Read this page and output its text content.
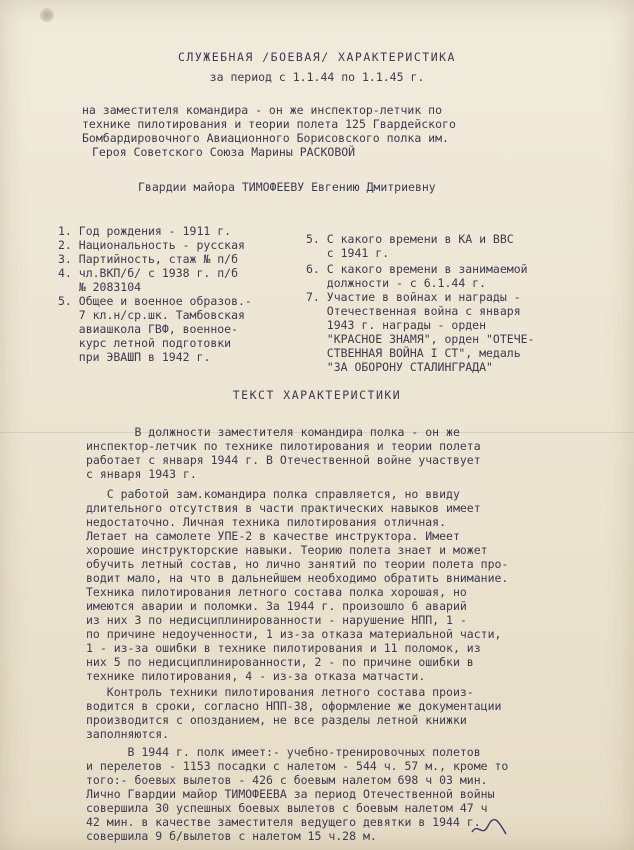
СЛУЖЕБНАЯ /БОЕВАЯ/ ХАРАКТЕРИСТИКА
за период с 1.1.44 по 1.1.45 г.
на заместителя командира - он же инспектор-летчик по
технике пилотирования и теории полета 125 Гвардейского
Бомбардировочного Авиационного Борисовского полка им.
Героя Советского Союза Марины РАСКОВОЙ
Гвардии майора ТИМОФЕЕВУ Евгению Дмитриевну
1. Год рождения - 1911 г.
2. Национальность - русская
3. Партийность, стаж № п/б
4. чл.ВКП/б/ с 1938 г. п/б
№ 2083104
5. Общее и военное образов.-
7 кл.н/ср.шк. Тамбовская
авиашкола ГВФ, военное-
курс летной подготовки
при ЭВАШП в 1942 г.
5. С какого времени в КА и ВВС
с 1941 г.
6. С какого времени в занимаемой
должности - с 6.1.44 г.
7. Участие в войнах и награды -
Отечественная война с января
1943 г. награды - орден
"КРАСНОЕ ЗНАМЯ", орден "ОТЕЧЕ-
СТВЕННАЯ ВОЙНА I СТ", медаль
"ЗА ОБОРОНУ СТАЛИНГРАДА"
ТЕКСТ ХАРАКТЕРИСТИКИ
В должности заместителя командира полка - он же
инспектор-летчик по технике пилотирования и теории полета
работает с января 1944 г. В Отечественной войне участвует
с января 1943 г.
С работой зам.командира полка справляется, но ввиду
длительного отсутствия в части практических навыков имеет
недостаточно. Личная техника пилотирования отличная.
Летает на самолете УПЕ-2 в качестве инструктора. Имеет
хорошие инструкторские навыки. Теорию полета знает и может
обучить летный состав, но лично занятий по теории полета про-
водит мало, на что в дальнейшем необходимо обратить внимание.
Техника пилотирования летного состава полка хорошая, но
имеются аварии и поломки. За 1944 г. произошло 6 аварий
из них 3 по недисциплинированности - нарушение НПП, 1 -
по причине недоученности, 1 из-за отказа материальной части,
1 - из-за ошибки в технике пилотирования и 11 поломок, из
них 5 по недисциплинированности, 2 - по причине ошибки в
технике пилотирования, 4 - из-за отказа матчасти.
Контроль техники пилотирования летного состава произ-
водится в сроки, согласно НПП-38, оформление же документации
производится с опозданием, не все разделы летной книжки
заполняются.
В 1944 г. полк имеет:- учебно-тренировочных полетов
и перелетов - 1153 посадки с налетом - 544 ч. 57 м., кроме то
того:- боевых вылетов - 426 с боевым налетом 698 ч 03 мин.
Лично Гвардии майор ТИМОФЕЕВА за период Отечественной войны
совершила 30 успешных боевых вылетов с боевым налетом 47 ч
42 мин. в качестве заместителя ведущего девятки в 1944 г.
совершила 9 б/вылетов с налетом 15 ч.28 м.
